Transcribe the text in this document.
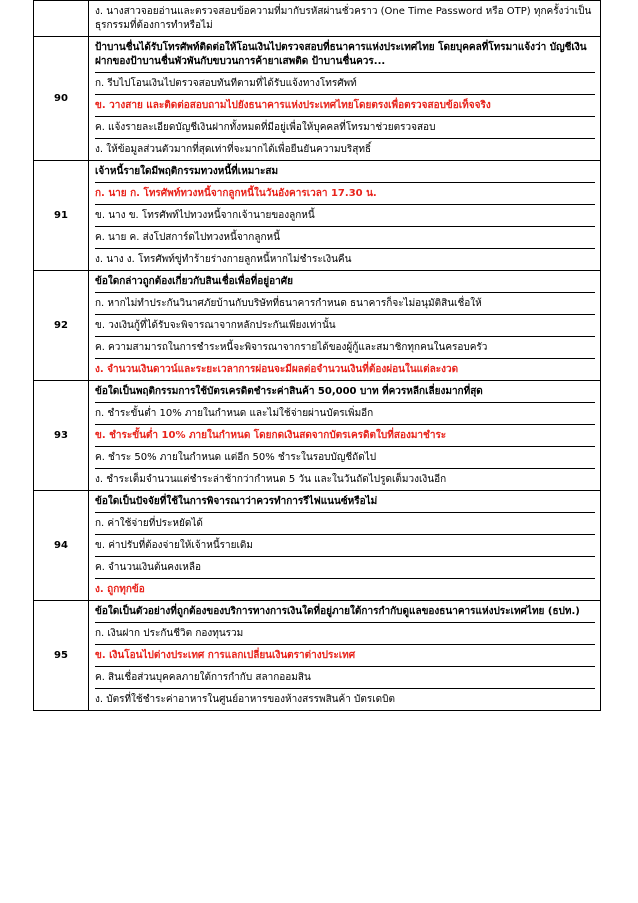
	ง. นางสาวจอยอ่านและตรวจสอบข้อความที่มากับรหัสผ่านชั่วคราว (One Time Password หรือ OTP) ทุกครั้งว่าเป็นธุรกรรมที่ต้องการทำหรือไม่

90	ป้าบานชื่นได้รับโทรศัพท์ติดต่อให้โอนเงินไปตรวจสอบที่ธนาคารแห่งประเทศไทย โดยบุคคลที่โทรมาแจ้งว่า บัญชีเงินฝากของป้าบานชื่นพัวพันกับขบวนการค้ายาเสพติด ป้าบานชื่นควร...
ก. รีบไปโอนเงินไปตรวจสอบทันทีตามที่ได้รับแจ้งทางโทรศัพท์
ข. วางสาย และติดต่อสอบถามไปยังธนาคารแห่งประเทศไทยโดยตรงเพื่อตรวจสอบข้อเท็จจริง
ค. แจ้งรายละเอียดบัญชีเงินฝากทั้งหมดที่มีอยู่เพื่อให้บุคคลที่โทรมาช่วยตรวจสอบ
ง. ให้ข้อมูลส่วนตัวมากที่สุดเท่าที่จะมากได้เพื่อยืนยันความบริสุทธิ์

91	เจ้าหนี้รายใดมีพฤติกรรมทวงหนี้ที่เหมาะสม
ก. นาย ก. โทรศัพท์ทวงหนี้จากลูกหนี้ในวันอังคารเวลา 17.30 น.
ข. นาง ข. โทรศัพท์ไปทวงหนี้จากเจ้านายของลูกหนี้
ค. นาย ค. ส่งโปสการ์ดไปทวงหนี้จากลูกหนี้
ง. นาง ง. โทรศัพท์ขู่ทำร้ายร่างกายลูกหนี้หากไม่ชำระเงินคืน

92	ข้อใดกล่าวถูกต้องเกี่ยวกับสินเชื่อเพื่อที่อยู่อาศัย
ก. หากไม่ทำประกันวินาศภัยบ้านกับบริษัทที่ธนาคารกำหนด ธนาคารก็จะไม่อนุมัติสินเชื่อให้
ข. วงเงินกู้ที่ได้รับจะพิจารณาจากหลักประกันเพียงเท่านั้น
ค. ความสามารถในการชำระหนี้จะพิจารณาจากรายได้ของผู้กู้และสมาชิกทุกคนในครอบครัว
ง. จำนวนเงินดาวน์และระยะเวลาการผ่อนจะมีผลต่อจำนวนเงินที่ต้องผ่อนในแต่ละงวด

93	ข้อใดเป็นพฤติกรรมการใช้บัตรเครดิตชำระค่าสินค้า 50,000 บาท ที่ควรหลีกเลี่ยงมากที่สุด
ก. ชำระขั้นต่ำ 10% ภายในกำหนด และไม่ใช้จ่ายผ่านบัตรเพิ่มอีก
ข. ชำระขั้นต่ำ 10% ภายในกำหนด โดยกดเงินสดจากบัตรเครดิตใบที่สองมาชำระ
ค. ชำระ 50% ภายในกำหนด แต่อีก 50% ชำระในรอบบัญชีถัดไป
ง. ชำระเต็มจำนวนแต่ชำระล่าช้ากว่ากำหนด 5 วัน และในวันถัดไปรูดเต็มวงเงินอีก

94	ข้อใดเป็นปัจจัยที่ใช้ในการพิจารณาว่าควรทำการรีไฟแนนซ์หรือไม่
ก. ค่าใช้จ่ายที่ประหยัดได้
ข. ค่าปรับที่ต้องจ่ายให้เจ้าหนี้รายเดิม
ค. จำนวนเงินต้นคงเหลือ
ง. ถูกทุกข้อ

95	ข้อใดเป็นตัวอย่างที่ถูกต้องของบริการทางการเงินใดที่อยู่ภายใต้การกำกับดูแลของธนาคารแห่งประเทศไทย (ธปท.)
ก. เงินฝาก ประกันชีวิต กองทุนรวม
ข. เงินโอนไปต่างประเทศ การแลกเปลี่ยนเงินตราต่างประเทศ
ค. สินเชื่อส่วนบุคคลภายใต้การกำกับ สลากออมสิน
ง. บัตรที่ใช้ชำระค่าอาหารในศูนย์อาหารของห้างสรรพสินค้า บัตรเดบิต
